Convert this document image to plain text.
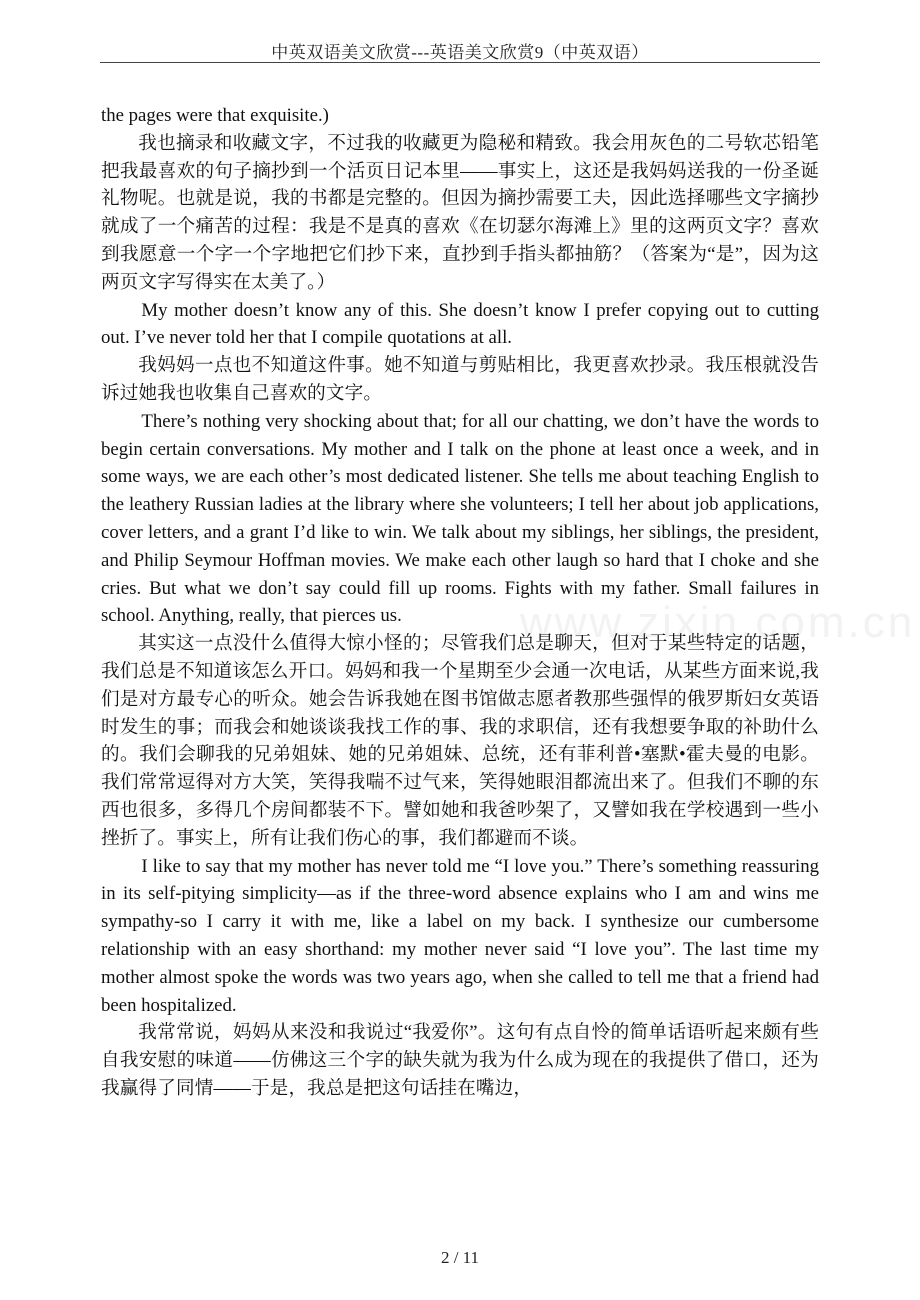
中英双语美文欣赏---英语美文欣赏9（中英双语）

the pages were that exquisite.)

我也摘录和收藏文字，不过我的收藏更为隐秘和精致。我会用灰色的二号软芯铅笔把我最喜欢的句子摘抄到一个活页日记本里——事实上，这还是我妈妈送我的一份圣诞礼物呢。也就是说，我的书都是完整的。但因为摘抄需要工夫，因此选择哪些文字摘抄就成了一个痛苦的过程：我是不是真的喜欢《在切瑟尔海滩上》里的这两页文字？喜欢到我愿意一个字一个字地把它们抄下来，直抄到手指头都抽筋？（答案为“是”，因为这两页文字写得实在太美了。）

My mother doesn’t know any of this. She doesn’t know I prefer copying out to cutting out. I’ve never told her that I compile quotations at all.

我妈妈一点也不知道这件事。她不知道与剪贴相比，我更喜欢抄录。我压根就没告诉过她我也收集自己喜欢的文字。

There’s nothing very shocking about that; for all our chatting, we don’t have the words to begin certain conversations. My mother and I talk on the phone at least once a week, and in some ways, we are each other’s most dedicated listener. She tells me about teaching English to the leathery Russian ladies at the library where she volunteers; I tell her about job applications, cover letters, and a grant I’d like to win. We talk about my siblings, her siblings, the president, and Philip Seymour Hoffman movies. We make each other laugh so hard that I choke and she cries. But what we don’t say could fill up rooms. Fights with my father. Small failures in school. Anything, really, that pierces us.

其实这一点没什么值得大惊小怪的；尽管我们总是聊天，但对于某些特定的话题，我们总是不知道该怎么开口。妈妈和我一个星期至少会通一次电话，从某些方面来说,我们是对方最专心的听众。她会告诉我她在图书馆做志愿者教那些强悍的俄罗斯妇女英语时发生的事；而我会和她谈谈我找工作的事、我的求职信，还有我想要争取的补助什么的。我们会聊我的兄弟姐妹、她的兄弟姐妹、总统，还有菲利普•塞默•霍夫曼的电影。我们常常逗得对方大笑，笑得我喘不过气来，笑得她眼泪都流出来了。但我们不聊的东西也很多，多得几个房间都装不下。譬如她和我爸吵架了，又譬如我在学校遇到一些小挫折了。事实上，所有让我们伤心的事，我们都避而不谈。

I like to say that my mother has never told me “I love you.” There’s something reassuring in its self-pitying simplicity—as if the three-word absence explains who I am and wins me sympathy-so I carry it with me, like a label on my back. I synthesize our cumbersome relationship with an easy shorthand: my mother never said “I love you”. The last time my mother almost spoke the words was two years ago, when she called to tell me that a friend had been hospitalized.

我常常说，妈妈从来没和我说过“我爱你”。这句有点自怜的简单话语听起来颇有些自我安慰的味道——仿佛这三个字的缺失就为我为什么成为现在的我提供了借口，还为我赢得了同情——于是，我总是把这句话挂在嘴边，

www.zixin.com.cn
2 / 11
